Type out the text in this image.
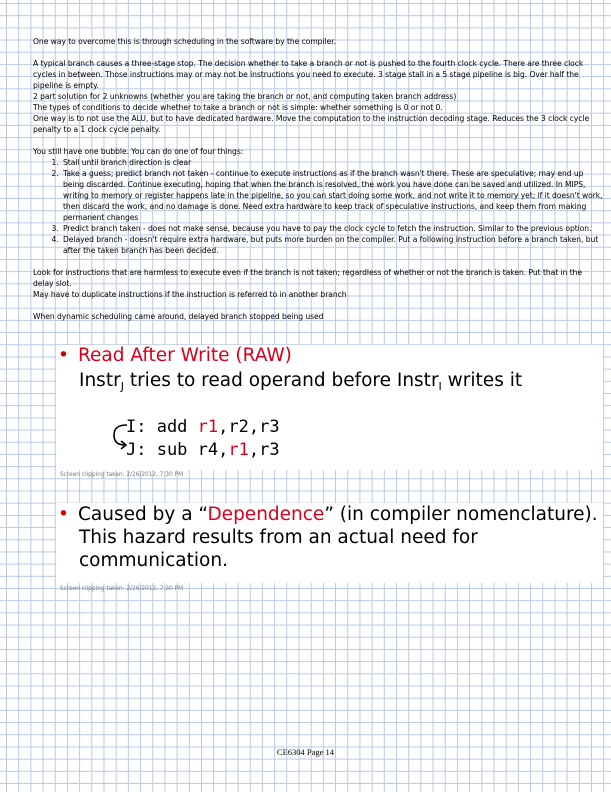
One way to overcome this is through scheduling in the software by the compiler.

A typical branch causes a three-stage stop. The decision whether to take a branch or not is pushed to the fourth clock cycle. There are three clock cycles in between. Those instructions may or may not be instructions you need to execute. 3 stage stall in a 5 stage pipeline is big. Over half the pipeline is empty.

2 part solution for 2 unknowns (whether you are taking the branch or not, and computing taken branch address)

The types of conditions to decide whether to take a branch or not is simple: whether something is 0 or not 0.

One way is to not use the ALU, but to have dedicated hardware. Move the computation to the instruction decoding stage. Reduces the 3 clock cycle penalty to a 1 clock cycle penalty.

You still have one bubble. You can do one of four things:

1. Stall until branch direction is clear
2. Take a guess; predict branch not taken - continue to execute instructions as if the branch wasn't there. These are speculative; may end up being discarded. Continue executing, hoping that when the branch is resolved, the work you have done can be saved and utilized. In MIPS, writing to memory or register happens late in the pipeline, so you can start doing some work, and not write it to memory yet; if it doesn't work, then discard the work, and no damage is done. Need extra hardware to keep track of speculative instructions, and keep them from making permanent changes
3. Predict branch taken - does not make sense, because you have to pay the clock cycle to fetch the instruction. Similar to the previous option.
4. Delayed branch - doesn't require extra hardware, but puts more burden on the compiler. Put a following instruction before a branch taken, but after the taken branch has been decided.

Look for instructions that are harmless to execute even if the branch is not taken; regardless of whether or not the branch is taken. Put that in the delay slot.

May have to duplicate instructions if the instruction is referred to in another branch

When dynamic scheduling came around, delayed branch stopped being used

• Read After Write (RAW)
Instr$_J$ tries to read operand before Instr$_I$ writes it
I: add r1,r2,r3
J: sub r4,r1,r3
Screen clipping taken: 2/26/2012, 7:30 PM
• Caused by a “Dependence” (in compiler nomenclature).
This hazard results from an actual need for
communication.
Screen clipping taken: 2/26/2012, 7:30 PM
CE6304 Page 14
